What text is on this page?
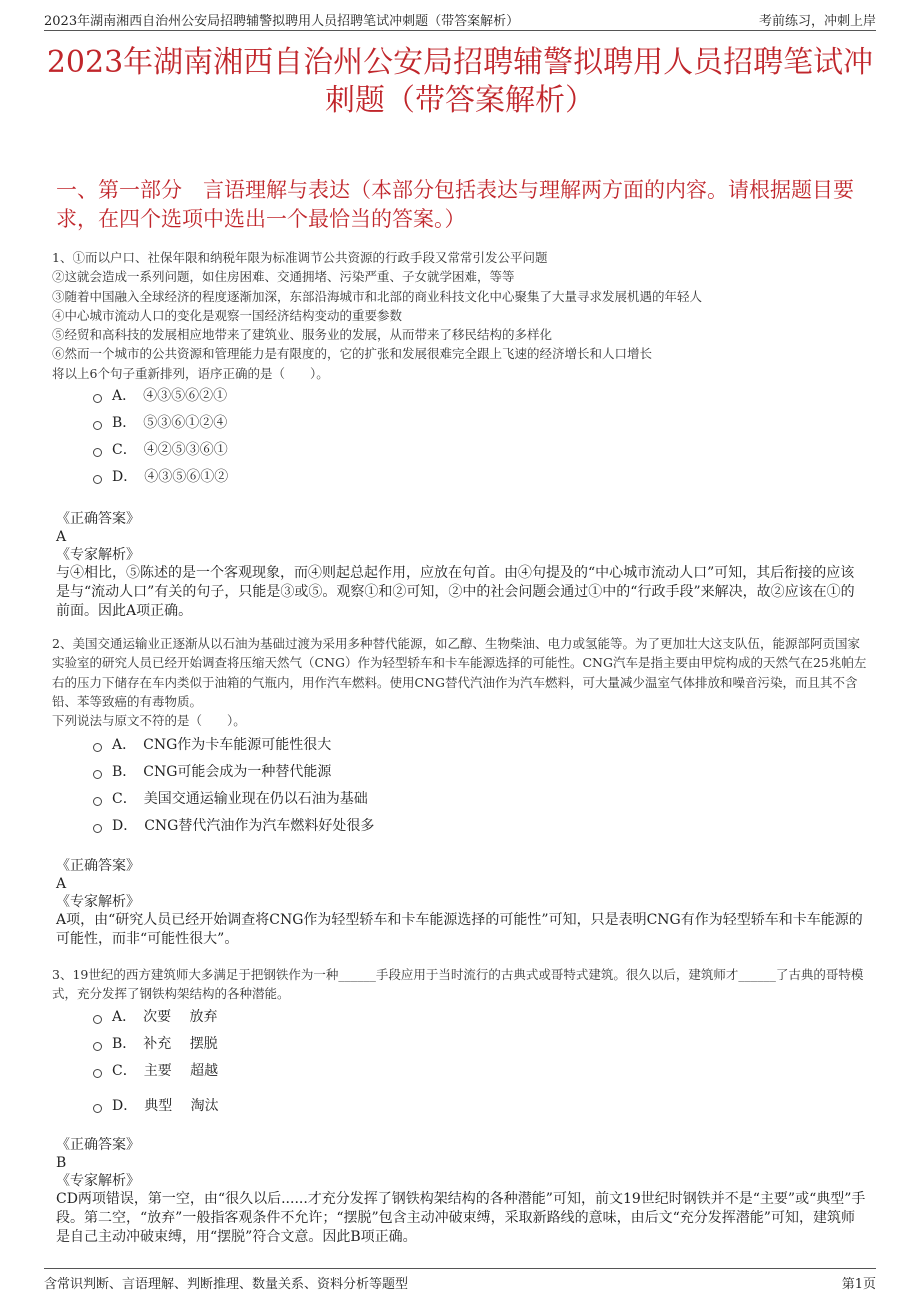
2023年湖南湘西自治州公安局招聘辅警拟聘用人员招聘笔试冲刺题（带答案解析）	考前练习，冲刺上岸
2023年湖南湘西自治州公安局招聘辅警拟聘用人员招聘笔试冲刺题（带答案解析）
一、第一部分　言语理解与表达（本部分包括表达与理解两方面的内容。请根据题目要求，在四个选项中选出一个最恰当的答案。）

1、①而以户口、社保年限和纳税年限为标准调节公共资源的行政手段又常常引发公平问题

②这就会造成一系列问题，如住房困难、交通拥堵、污染严重、子女就学困难，等等

③随着中国融入全球经济的程度逐渐加深，东部沿海城市和北部的商业科技文化中心聚集了大量寻求发展机遇的年轻人

④中心城市流动人口的变化是观察一国经济结构变动的重要参数

⑤经贸和高科技的发展相应地带来了建筑业、服务业的发展，从而带来了移民结构的多样化

⑥然而一个城市的公共资源和管理能力是有限度的，它的扩张和发展很难完全跟上飞速的经济增长和人口增长

将以上6个句子重新排列，语序正确的是（　　）。

A．　④③⑤⑥②①
B．　⑤③⑥①②④
C．　④②⑤③⑥①
D．　④③⑤⑥①②
《正确答案》
A
《专家解析》
与④相比，⑤陈述的是一个客观现象，而④则起总起作用，应放在句首。由④句提及的“中心城市流动人口”可知，其后衔接的应该是与“流动人口”有关的句子，只能是③或⑤。观察①和②可知，②中的社会问题会通过①中的“行政手段”来解决，故②应该在①的前面。因此A项正确。

2、美国交通运输业正逐渐从以石油为基础过渡为采用多种替代能源，如乙醇、生物柴油、电力或氢能等。为了更加壮大这支队伍，能源部阿贡国家实验室的研究人员已经开始调查将压缩天然气（CNG）作为轻型轿车和卡车能源选择的可能性。CNG汽车是指主要由甲烷构成的天然气在25兆帕左右的压力下储存在车内类似于油箱的气瓶内，用作汽车燃料。使用CNG替代汽油作为汽车燃料，可大量减少温室气体排放和噪音污染，而且其不含铅、苯等致癌的有毒物质。

下列说法与原文不符的是（　　）。

A．　CNG作为卡车能源可能性很大
B．　CNG可能会成为一种替代能源
C．　美国交通运输业现在仍以石油为基础
D．　CNG替代汽油作为汽车燃料好处很多
《正确答案》
A
《专家解析》
A项，由“研究人员已经开始调查将CNG作为轻型轿车和卡车能源选择的可能性”可知，只是表明CNG有作为轻型轿车和卡车能源的可能性，而非“可能性很大”。

3、19世纪的西方建筑师大多满足于把钢铁作为一种______手段应用于当时流行的古典式或哥特式建筑。很久以后，建筑师才______了古典的哥特模式，充分发挥了钢铁构架结构的各种潜能。

A．　次要　 放弃
B．　补充　 摆脱
C．　主要　 超越
D．　典型　 淘汰
《正确答案》
B
《专家解析》
CD两项错误，第一空，由“很久以后......才充分发挥了钢铁构架结构的各种潜能”可知，前文19世纪时钢铁并不是“主要”或“典型”手段。第二空，“放弃”一般指客观条件不允许；“摆脱”包含主动冲破束缚，采取新路线的意味，由后文“充分发挥潜能”可知，建筑师是自己主动冲破束缚，用“摆脱”符合文意。因此B项正确。
含常识判断、言语理解、判断推理、数量关系、资料分析等题型	第1页
